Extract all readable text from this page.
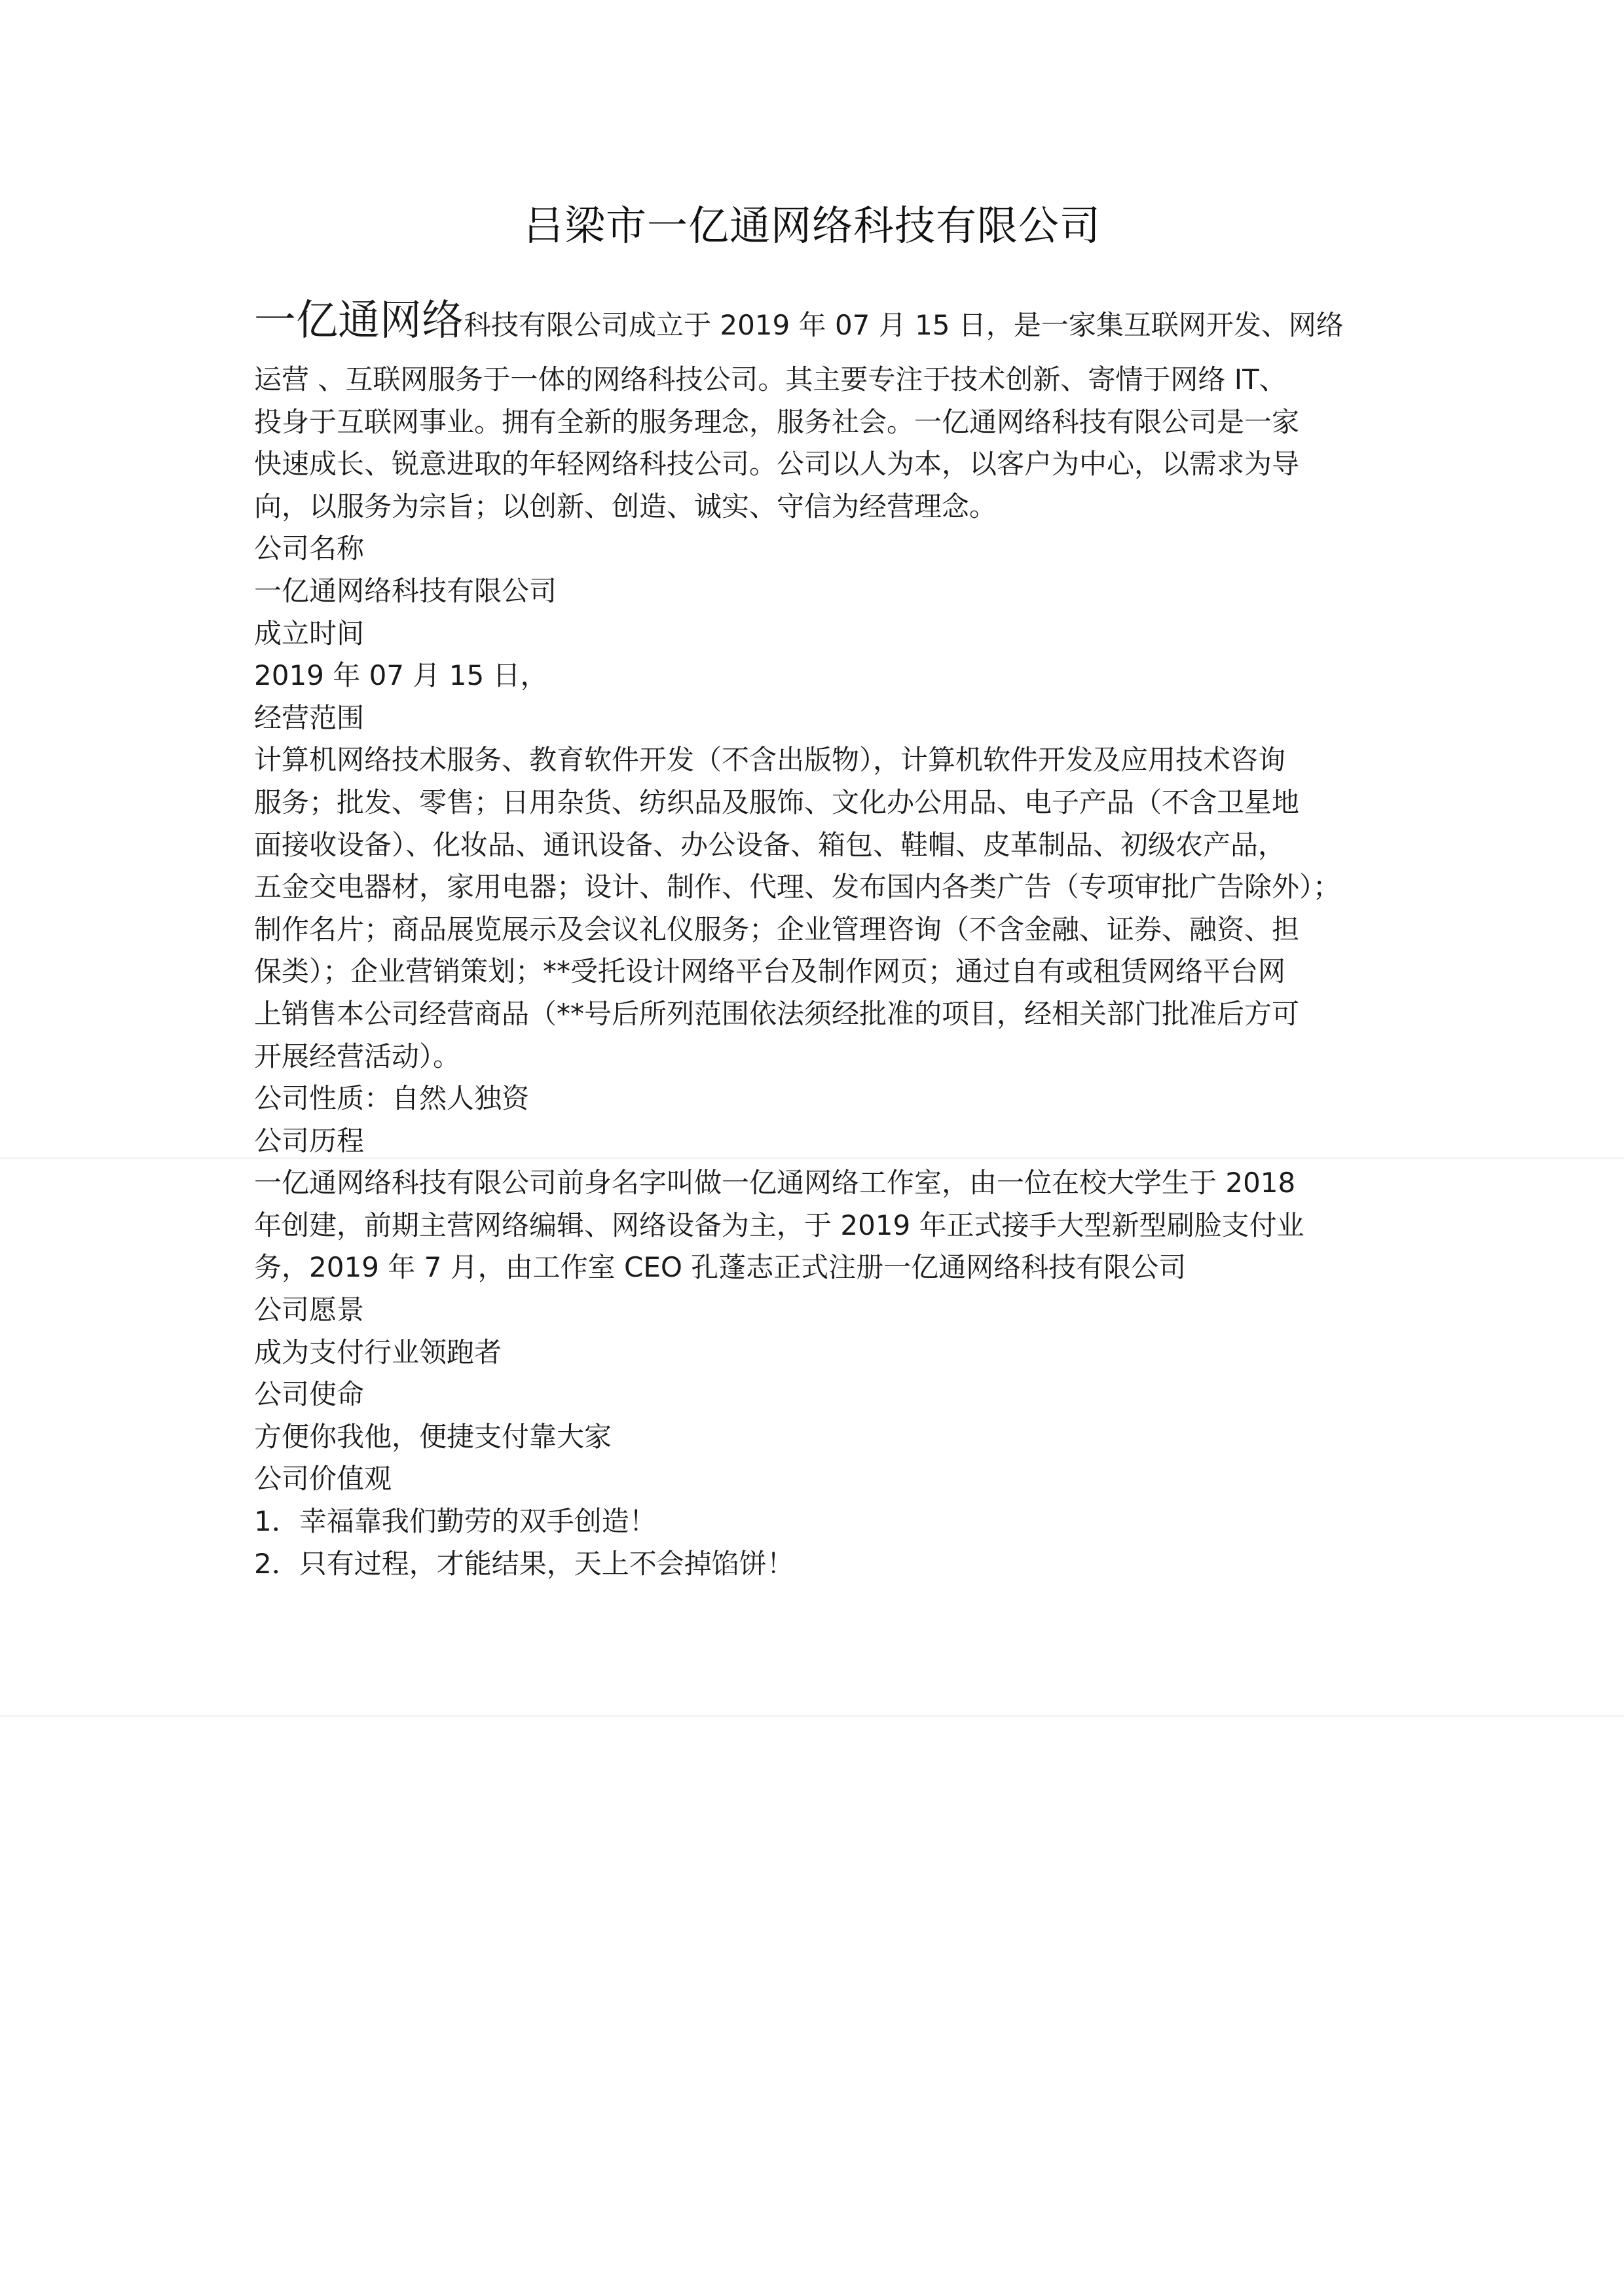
吕梁市一亿通网络科技有限公司
一亿通网络科技有限公司成立于 2019 年 07 月 15 日，是一家集互联网开发、网络
运营 、互联网服务于一体的网络科技公司。其主要专注于技术创新、寄情于网络 IT、
投身于互联网事业。拥有全新的服务理念，服务社会。一亿通网络科技有限公司是一家
快速成长、锐意进取的年轻网络科技公司。公司以人为本，以客户为中心，以需求为导
向，以服务为宗旨；以创新、创造、诚实、守信为经营理念。
公司名称
一亿通网络科技有限公司
成立时间
2019 年 07 月 15 日，
经营范围
计算机网络技术服务、教育软件开发（不含出版物），计算机软件开发及应用技术咨询
服务；批发、零售；日用杂货、纺织品及服饰、文化办公用品、电子产品（不含卫星地
面接收设备）、化妆品、通讯设备、办公设备、箱包、鞋帽、皮革制品、初级农产品，
五金交电器材，家用电器；设计、制作、代理、发布国内各类广告（专项审批广告除外）；
制作名片；商品展览展示及会议礼仪服务；企业管理咨询（不含金融、证券、融资、担
保类）；企业营销策划；**受托设计网络平台及制作网页；通过自有或租赁网络平台网
上销售本公司经营商品（**号后所列范围依法须经批准的项目，经相关部门批准后方可
开展经营活动）。
公司性质：自然人独资
公司历程
一亿通网络科技有限公司前身名字叫做一亿通网络工作室，由一位在校大学生于 2018
年创建，前期主营网络编辑、网络设备为主，于 2019 年正式接手大型新型刷脸支付业
务，2019 年 7 月，由工作室 CEO 孔蓬志正式注册一亿通网络科技有限公司
公司愿景
成为支付行业领跑者
公司使命
方便你我他，便捷支付靠大家
公司价值观
1．幸福靠我们勤劳的双手创造！
2．只有过程，才能结果，天上不会掉馅饼！
